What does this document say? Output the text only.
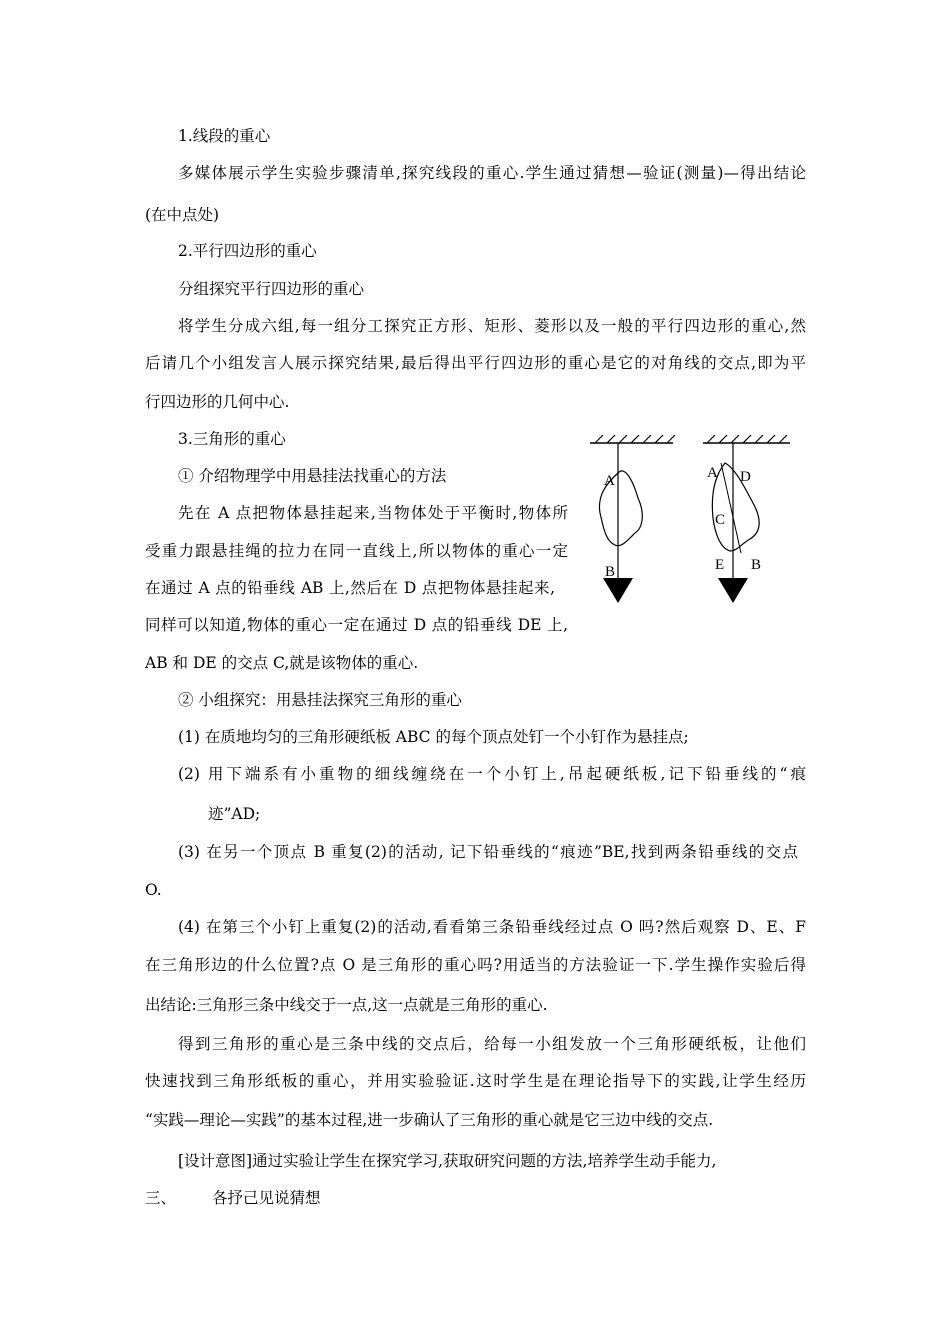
1.线段的重心
多媒体展示学生实验步骤清单,探究线段的重心.学生通过猜想—验证(测量)—得出结论
(在中点处)
2.平行四边形的重心
分组探究平行四边形的重心
将学生分成六组,每一组分工探究正方形、矩形、菱形以及一般的平行四边形的重心,然
后请几个小组发言人展示探究结果,最后得出平行四边形的重心是它的对角线的交点,即为平
行四边形的几何中心.
3.三角形的重心
① 介绍物理学中用悬挂法找重心的方法
先在 A 点把物体悬挂起来,当物体处于平衡时,物体所
受重力跟悬挂绳的拉力在同一直线上,所以物体的重心一定
在通过 A 点的铅垂线 AB 上,然后在 D 点把物体悬挂起来,
同样可以知道,物体的重心一定在通过 D 点的铅垂线 DE 上,
AB 和 DE 的交点 C,就是该物体的重心.
② 小组探究：用悬挂法探究三角形的重心
(1) 在质地均匀的三角形硬纸板 ABC 的每个顶点处钉一个小钉作为悬挂点;
(2) 用下端系有小重物的细线缠绕在一个小钉上,吊起硬纸板,记下铅垂线的“痕
迹”AD;
(3) 在另一个顶点 B 重复(2)的活动, 记下铅垂线的“痕迹”BE,找到两条铅垂线的交点
O.
(4) 在第三个小钉上重复(2)的活动,看看第三条铅垂线经过点 O 吗?然后观察 D、E、F
在三角形边的什么位置?点 O 是三角形的重心吗?用适当的方法验证一下.学生操作实验后得
出结论:三角形三条中线交于一点,这一点就是三角形的重心.
得到三角形的重心是三条中线的交点后，给每一小组发放一个三角形硬纸板，让他们
快速找到三角形纸板的重心，并用实验验证.这时学生是在理论指导下的实践,让学生经历
“实践—理论—实践”的基本过程,进一步确认了三角形的重心就是它三边中线的交点.
[设计意图]通过实验让学生在探究学习,获取研究问题的方法,培养学生动手能力,
三、 各抒己见说猜想
A
B
A D
C
E B
